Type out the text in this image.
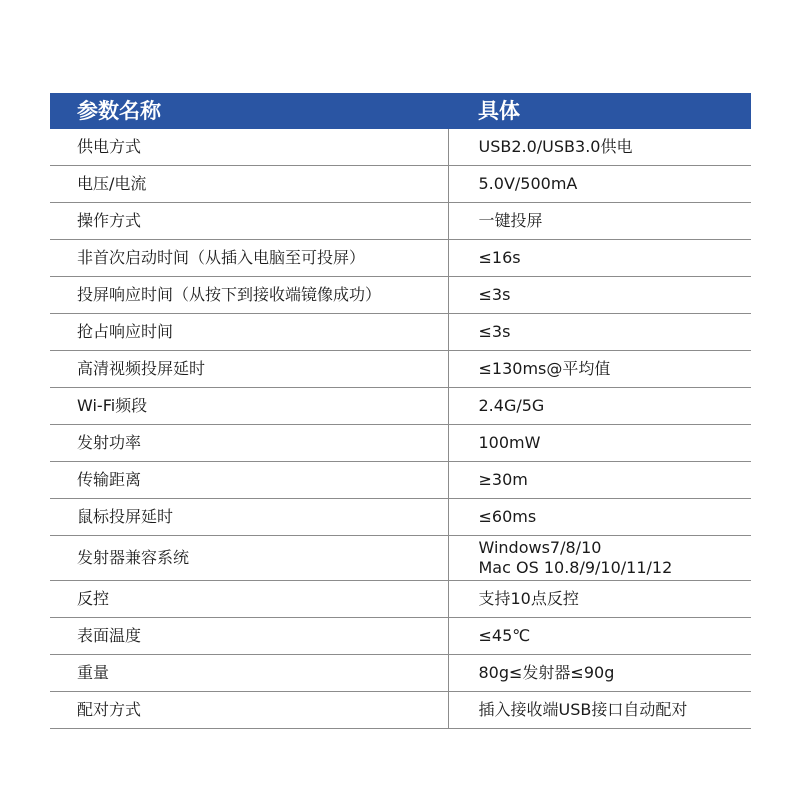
参数名称	具体
供电方式	USB2.0/USB3.0供电
电压/电流	5.0V/500mA
操作方式	一键投屏
非首次启动时间（从插入电脑至可投屏）	≤16s
投屏响应时间（从按下到接收端镜像成功）	≤3s
抢占响应时间	≤3s
高清视频投屏延时	≤130ms@平均值
Wi-Fi频段	2.4G/5G
发射功率	100mW
传输距离	≥30m
鼠标投屏延时	≤60ms
发射器兼容系统	Windows7/8/10
Mac OS 10.8/9/10/11/12

反控	支持10点反控
表面温度	≤45℃
重量	80g≤发射器≤90g
配对方式	插入接收端USB接口自动配对
